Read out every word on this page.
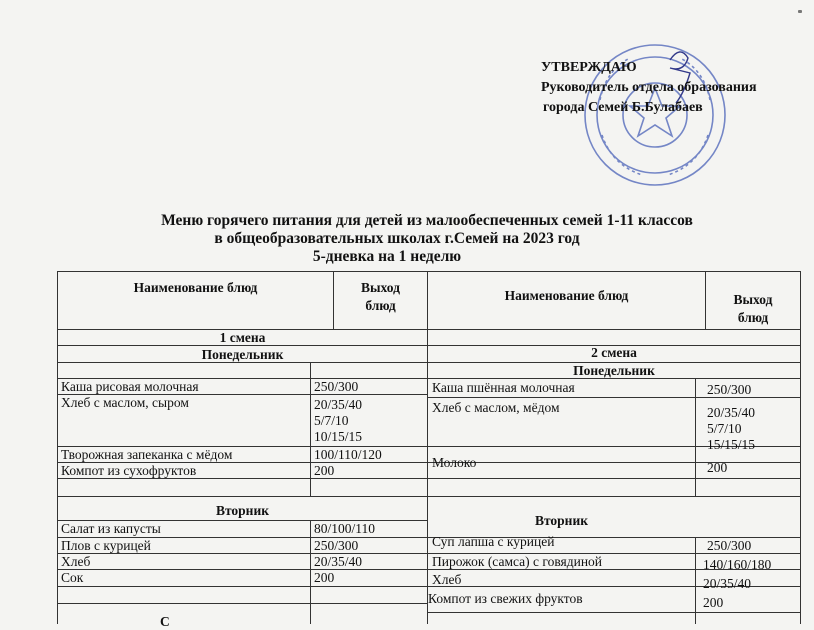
УТВЕРЖДАЮ
Руководитель отдела образования
города Семей Б.Булабаев
Меню горячего питания для детей из малообеспеченных семей 1-11 классов
в общеобразовательных школах г.Семей на 2023 год
5-дневка на 1 неделю
Наименование блюд	Выход
блюд
Наименование блюд	Выход
блюд
1 смена
2 смена
Понедельник
Понедельник
Каша рисовая молочная	250/300
Хлеб с маслом, сыром	20/35/40
5/7/10
10/15/15
Творожная запеканка с мёдом	100/110/120
Компот из сухофруктов	200
Каша пшённая молочная	250/300
Хлеб с маслом, мёдом	20/35/40
5/7/10
15/15/15
Молоко	200
Вторник
Вторник
Салат из капусты	80/100/110
Плов с курицей	250/300
Хлеб	20/35/40
Сок	200
Суп лапша с курицей	250/300
Пирожок (самса) с говядиной	140/160/180
Хлеб	20/35/40
Компот из свежих фруктов	200
С
